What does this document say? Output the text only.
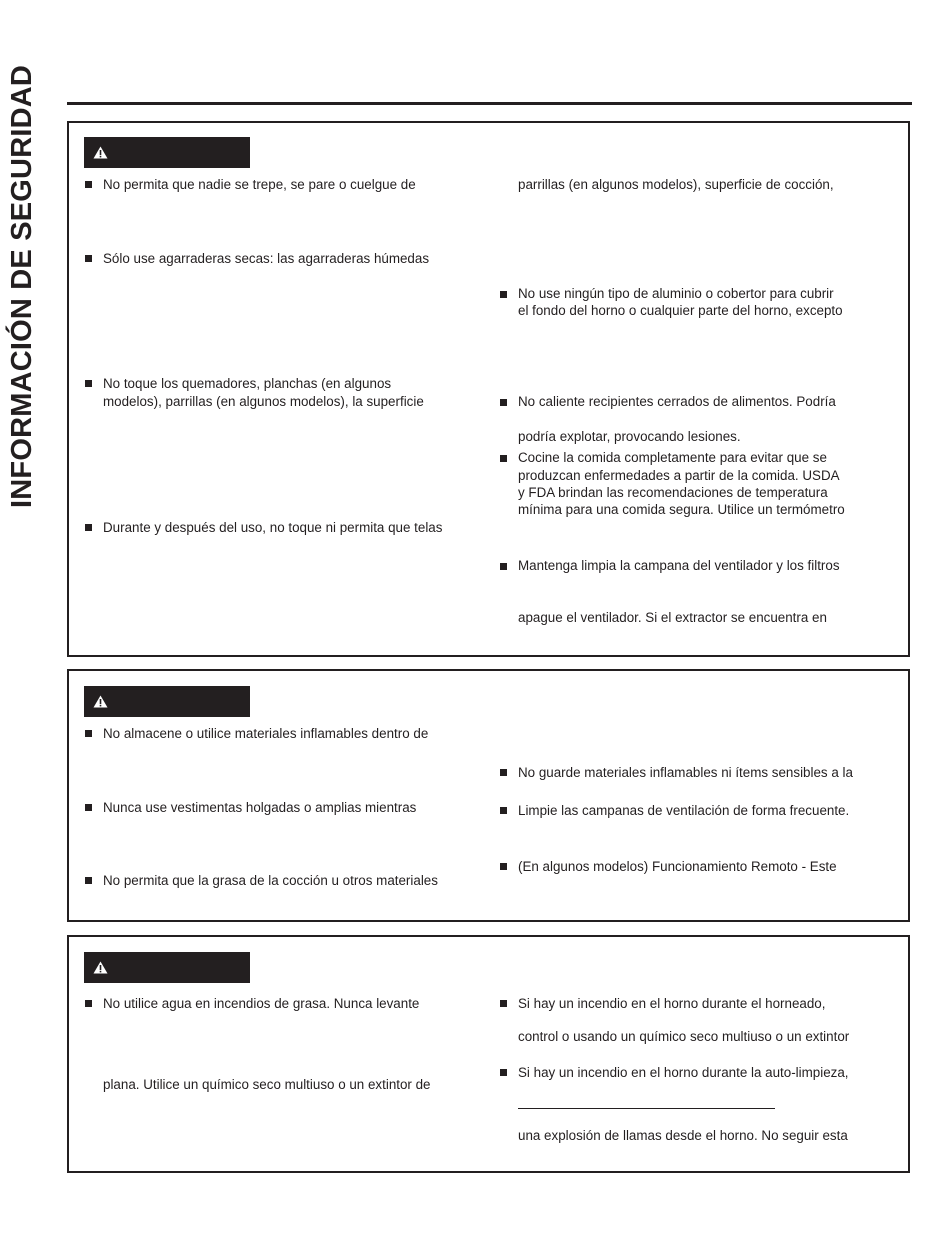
INFORMACIÓN DE SEGURIDAD	No permita que nadie se trepe, se pare o cuelgue de
Sólo use agarraderas secas: las agarraderas húmedas
No toque los quemadores, planchas (en algunos
modelos), parrillas (en algunos modelos), la superficie
Durante y después del uso, no toque ni permita que telas
parrillas (en algunos modelos), superficie de cocción,
No use ningún tipo de aluminio o cobertor para cubrir
el fondo del horno o cualquier parte del horno, excepto
No caliente recipientes cerrados de alimentos. Podría
podría explotar, provocando lesiones.
Cocine la comida completamente para evitar que se
produzcan enfermedades a partir de la comida. USDA
y FDA brindan las recomendaciones de temperatura
mínima para una comida segura. Utilice un termómetro
Mantenga limpia la campana del ventilador y los filtros
apague el ventilador. Si el extractor se encuentra en
No almacene o utilice materiales inflamables dentro de
Nunca use vestimentas holgadas o amplias mientras
No permita que la grasa de la cocción u otros materiales
No guarde materiales inflamables ni ítems sensibles a la
Limpie las campanas de ventilación de forma frecuente.
(En algunos modelos) Funcionamiento Remoto - Este
No utilice agua en incendios de grasa. Nunca levante
plana. Utilice un químico seco multiuso o un extintor de
Si hay un incendio en el horno durante el horneado,
control o usando un químico seco multiuso o un extintor
Si hay un incendio en el horno durante la auto-limpieza,
una explosión de llamas desde el horno. No seguir esta
